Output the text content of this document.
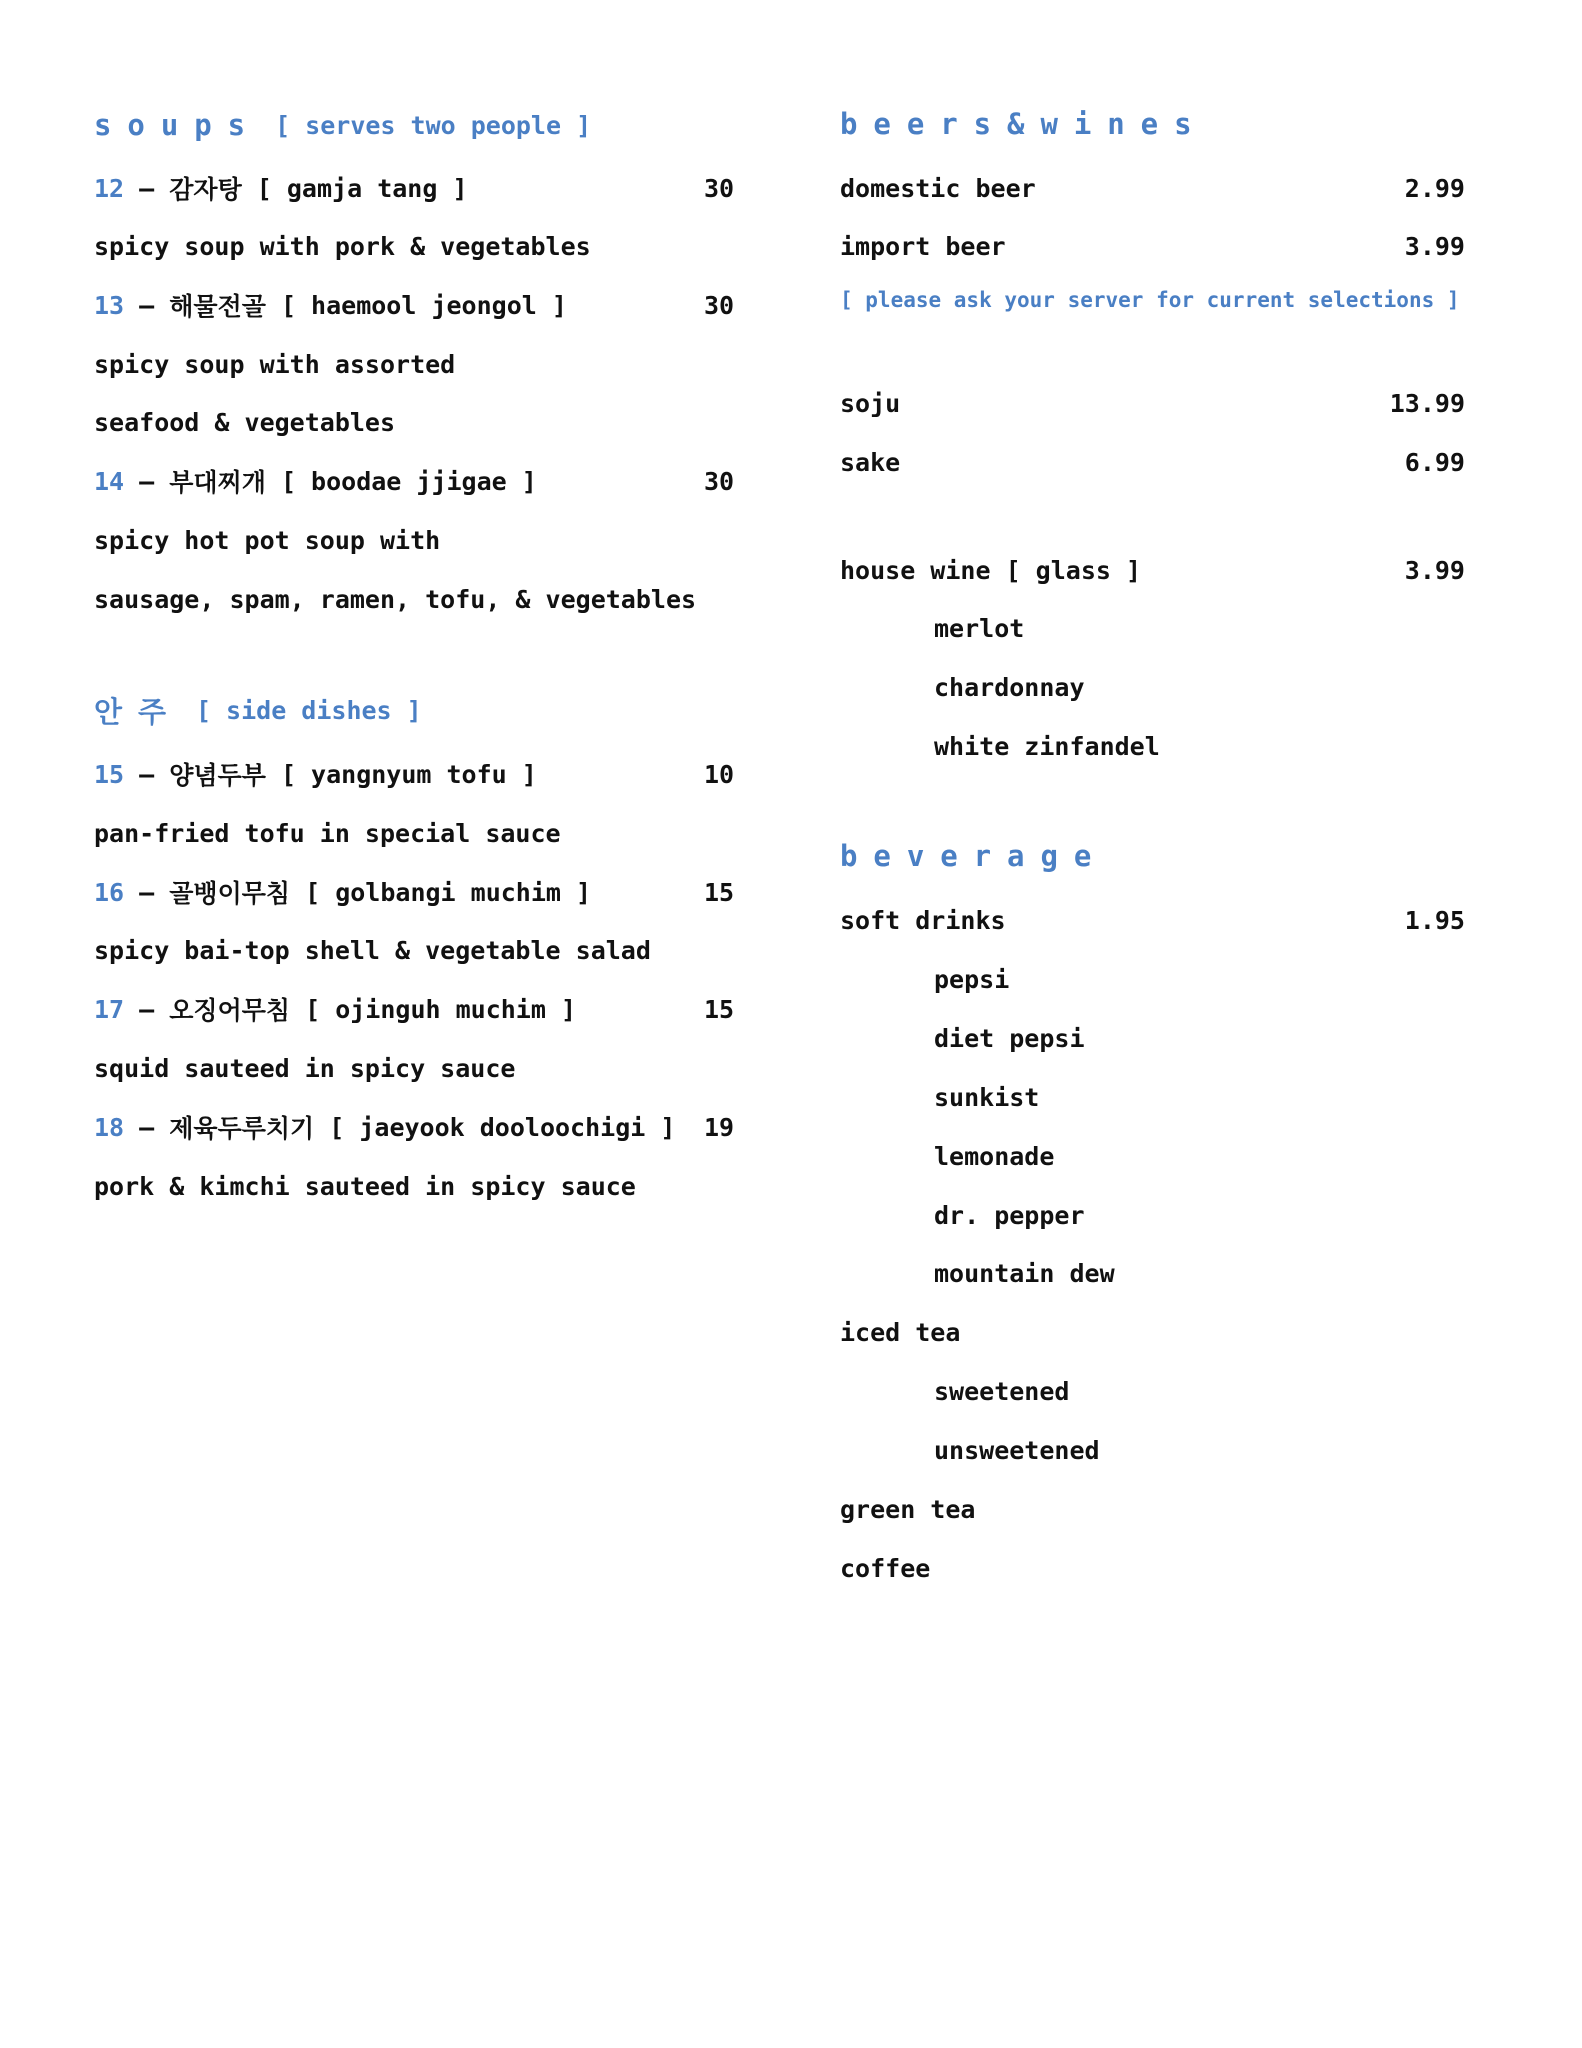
soups [ serves two people ]
12 – 감자탕
[ gamja tang ]	30
spicy soup with pork & vegetables
13 – 해물전골
[ haemool jeongol ]	30
spicy soup with assorted
seafood & vegetables
14 – 부대찌개
[ boodae jjigae ]	30
spicy hot pot soup with
sausage, spam, ramen, tofu, & vegetables
안주 [ side dishes ]
15 – 양념두부
[ yangnyum tofu ]	10
pan-fried tofu in special sauce
16 – 골뱅이무침
[ golbangi muchim ]	15
spicy bai-top shell & vegetable salad
17 – 오징어무침
[ ojinguh muchim ]	15
squid sauteed in spicy sauce
18 – 제육두루치기
[ jaeyook dooloochigi ] 19
pork & kimchi sauteed in spicy sauce
beers&wines
domestic beer	2.99
import beer	3.99
[ please ask your server for current selections ]
soju	13.99
sake	6.99
house wine [ glass ]	3.99
merlot
chardonnay
white zinfandel
beverage
soft drinks	1.95
pepsi
diet pepsi
sunkist
lemonade
dr. pepper
mountain dew
iced tea
sweetened
unsweetened
green tea
coffee
